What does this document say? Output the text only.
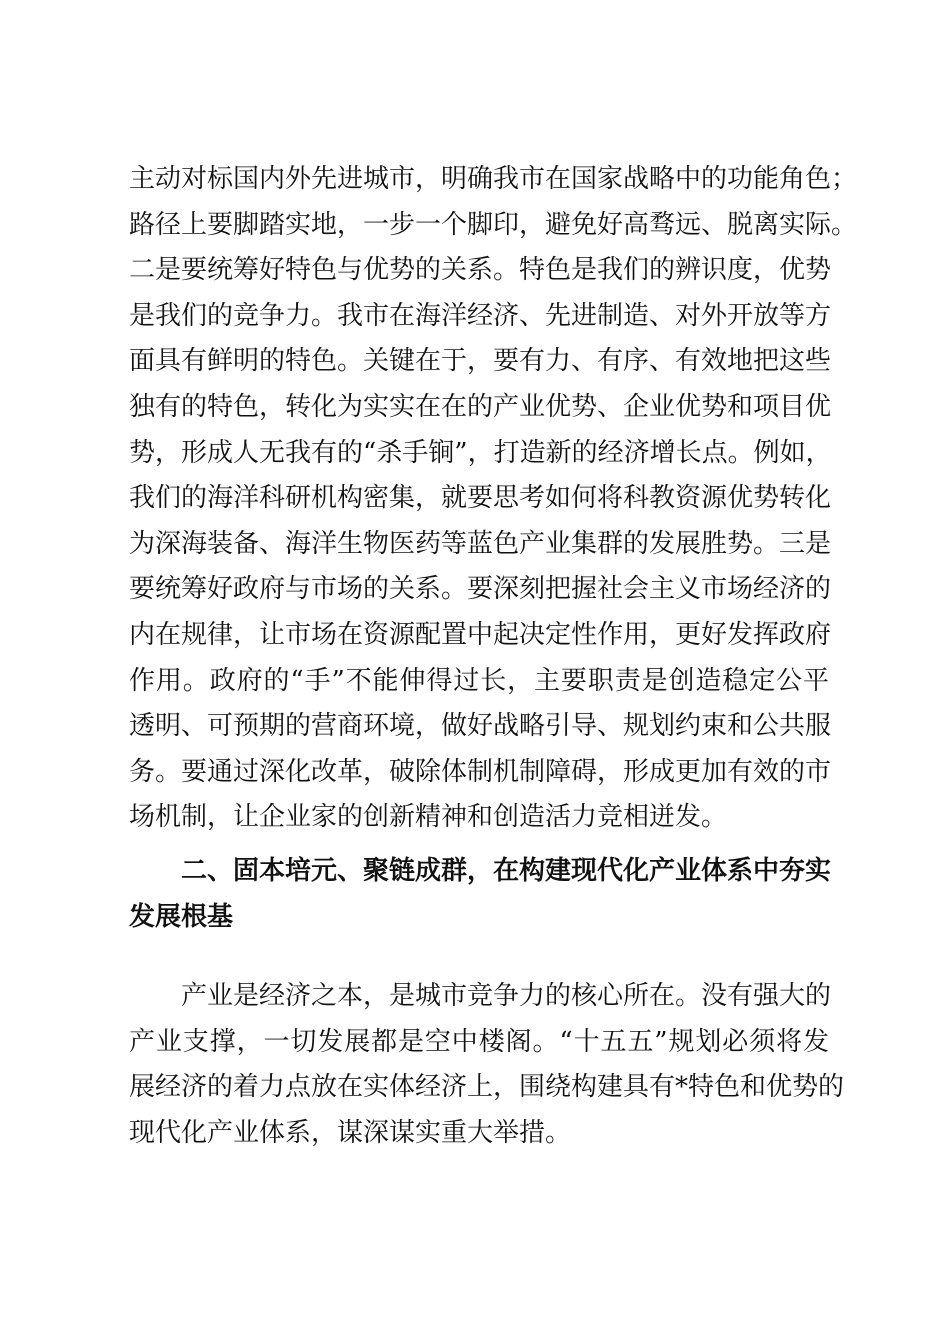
主动对标国内外先进城市，明确我市在国家战略中的功能角色；
路径上要脚踏实地，一步一个脚印，避免好高骛远、脱离实际。
二是要统筹好特色与优势的关系。特色是我们的辨识度，优势
是我们的竞争力。我市在海洋经济、先进制造、对外开放等方
面具有鲜明的特色。关键在于，要有力、有序、有效地把这些
独有的特色，转化为实实在在的产业优势、企业优势和项目优
势，形成人无我有的“杀手锏”，打造新的经济增长点。例如，
我们的海洋科研机构密集，就要思考如何将科教资源优势转化
为深海装备、海洋生物医药等蓝色产业集群的发展胜势。三是
要统筹好政府与市场的关系。要深刻把握社会主义市场经济的
内在规律，让市场在资源配置中起决定性作用，更好发挥政府
作用。政府的“手”不能伸得过长，主要职责是创造稳定公平
透明、可预期的营商环境，做好战略引导、规划约束和公共服
务。要通过深化改革，破除体制机制障碍，形成更加有效的市
场机制，让企业家的创新精神和创造活力竞相迸发。
二、固本培元、聚链成群，在构建现代化产业体系中夯实
发展根基
产业是经济之本，是城市竞争力的核心所在。没有强大的
产业支撑，一切发展都是空中楼阁。“十五五”规划必须将发
展经济的着力点放在实体经济上，围绕构建具有*特色和优势的
现代化产业体系，谋深谋实重大举措。
